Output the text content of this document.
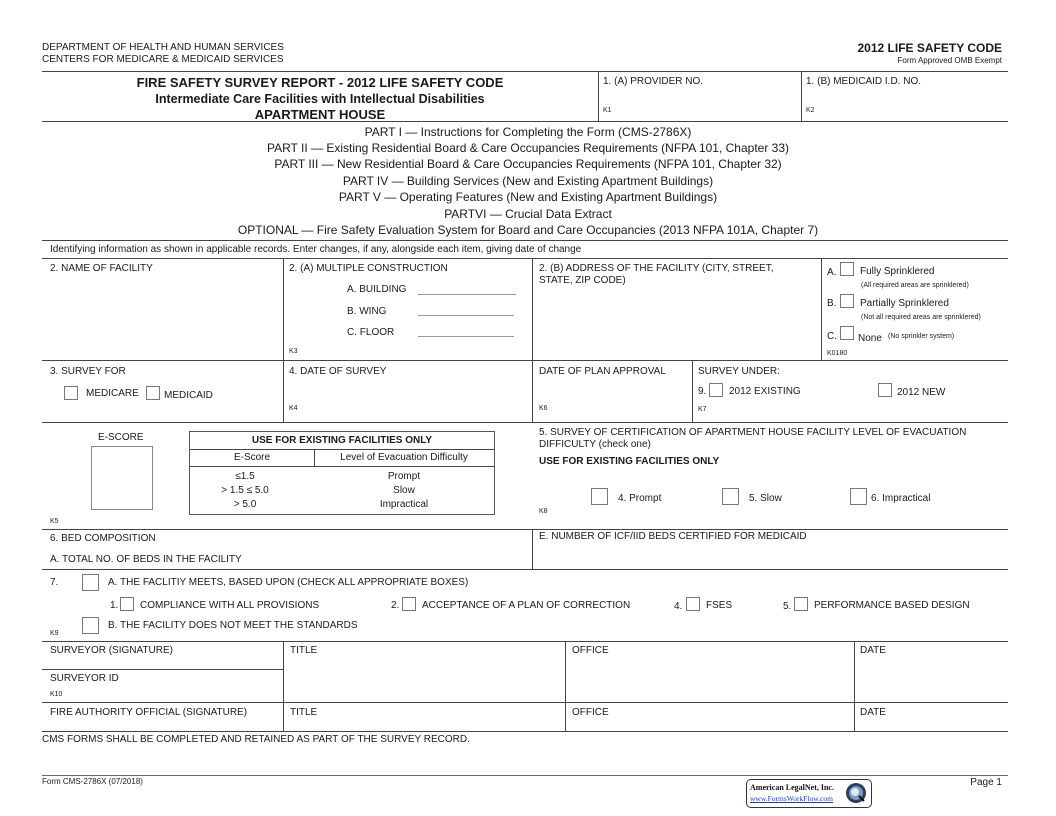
DEPARTMENT OF HEALTH AND HUMAN SERVICES
CENTERS FOR MEDICARE & MEDICAID SERVICES
2012 LIFE SAFETY CODE
Form Approved OMB Exempt
FIRE SAFETY SURVEY REPORT - 2012 LIFE SAFETY CODE
Intermediate Care Facilities with Intellectual Disabilities
APARTMENT HOUSE
1. (A) PROVIDER NO.
K1
1. (B) MEDICAID I.D. NO.
K2
PART I — Instructions for Completing the Form (CMS-2786X)
PART II — Existing Residential Board & Care Occupancies Requirements (NFPA 101, Chapter 33)
PART III — New Residential Board & Care Occupancies Requirements (NFPA 101, Chapter 32)
PART IV — Building Services (New and Existing Apartment Buildings)
PART V — Operating Features (New and Existing Apartment Buildings)
PARTVI — Crucial Data Extract
OPTIONAL — Fire Safety Evaluation System for Board and Care Occupancies (2013 NFPA 101A, Chapter 7)
Identifying information as shown in applicable records. Enter changes, if any, alongside each item, giving date of change
2. NAME OF FACILITY	2. (A) MULTIPLE CONSTRUCTION
A. BUILDING
B. WING
C. FLOOR
K3
2. (B) ADDRESS OF THE FACILITY (CITY, STREET, STATE, ZIP CODE)
A. Fully Sprinklered
(All required areas are sprinklered)
B. Partially Sprinklered
(Not all required areas are sprinklered)
C. None (No sprinkler system)
K0180
3. SURVEY FOR
MEDICARE	MEDICAID
4. DATE OF SURVEY
K4
DATE OF PLAN APPROVAL
K6
SURVEY UNDER:
9. 2012 EXISTING	2012 NEW
K7
E-SCORE
K5
USE FOR EXISTING FACILITIES ONLY
E-Score	Level of Evacuation Difficulty
≤1.5	Prompt
> 1.5 ≤ 5.0	Slow
> 5.0	Impractical
5. SURVEY OF CERTIFICATION OF APARTMENT HOUSE FACILITY LEVEL OF EVACUATION DIFFICULTY (check one)
USE FOR EXISTING FACILITIES ONLY
4. Prompt	5. Slow	6. Impractical
K8
6. BED COMPOSITION
A. TOTAL NO. OF BEDS IN THE FACILITY
E. NUMBER OF ICF/IID BEDS CERTIFIED FOR MEDICAID
7.	A. THE FACLITIY MEETS, BASED UPON (CHECK ALL APPROPRIATE BOXES)
1. COMPLIANCE WITH ALL PROVISIONS	2. ACCEPTANCE OF A PLAN OF CORRECTION	4. FSES	5. PERFORMANCE BASED DESIGN
B. THE FACILITY DOES NOT MEET THE STANDARDS
K9
SURVEYOR (SIGNATURE)	TITLE	OFFICE	DATE
SURVEYOR ID
K10
FIRE AUTHORITY OFFICIAL (SIGNATURE)	TITLE	OFFICE	DATE
CMS FORMS SHALL BE COMPLETED AND RETAINED AS PART OF THE SURVEY RECORD.
Form CMS-2786X (07/2018)	Page 1
American LegalNet, Inc.
www.FormsWorkFlow.com
